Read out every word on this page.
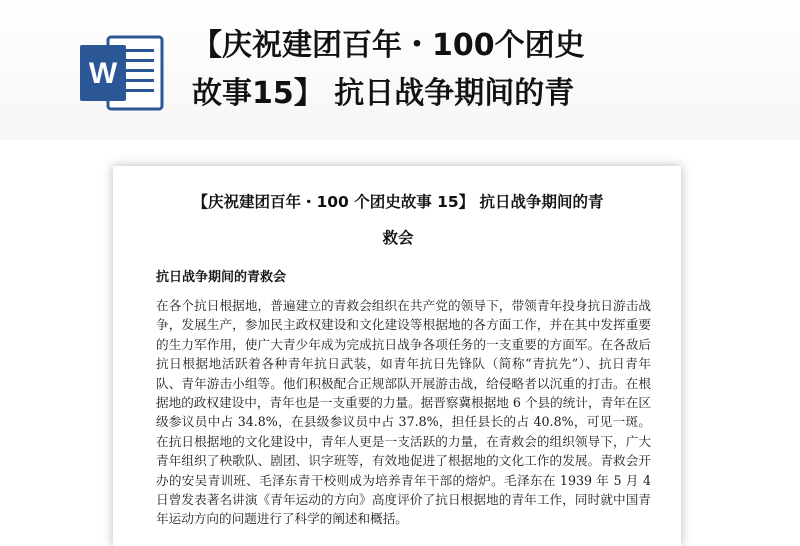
W
【庆祝建团百年・100个团史
故事15】 抗日战争期间的青
【庆祝建团百年・100 个团史故事 15】 抗日战争期间的青
救会
抗日战争期间的青救会
在各个抗日根据地，普遍建立的青救会组织在共产党的领导下，带领青年投身抗日游击战争，发展生产，参加民主政权建设和文化建设等根据地的各方面工作，并在其中发挥重要的生力军作用，使广大青少年成为完成抗日战争各项任务的一支重要的方面军。在各敌后抗日根据地活跃着各种青年抗日武装，如青年抗日先锋队（简称“青抗先”）、抗日青年队、青年游击小组等。他们积极配合正规部队开展游击战，给侵略者以沉重的打击。在根据地的政权建设中，青年也是一支重要的力量。据晋察冀根据地 6 个县的统计，青年在区级参议员中占 34.8%，在县级参议员中占 37.8%，担任县长的占 40.8%，可见一斑。在抗日根据地的文化建设中，青年人更是一支活跃的力量，在青救会的组织领导下，广大青年组织了秧歌队、剧团、识字班等，有效地促进了根据地的文化工作的发展。青救会开办的安吴青训班、毛泽东青干校则成为培养青年干部的熔炉。毛泽东在 1939 年 5 月 4 日曾发表著名讲演《青年运动的方向》高度评价了抗日根据地的青年工作，同时就中国青年运动方向的问题进行了科学的阐述和概括。
